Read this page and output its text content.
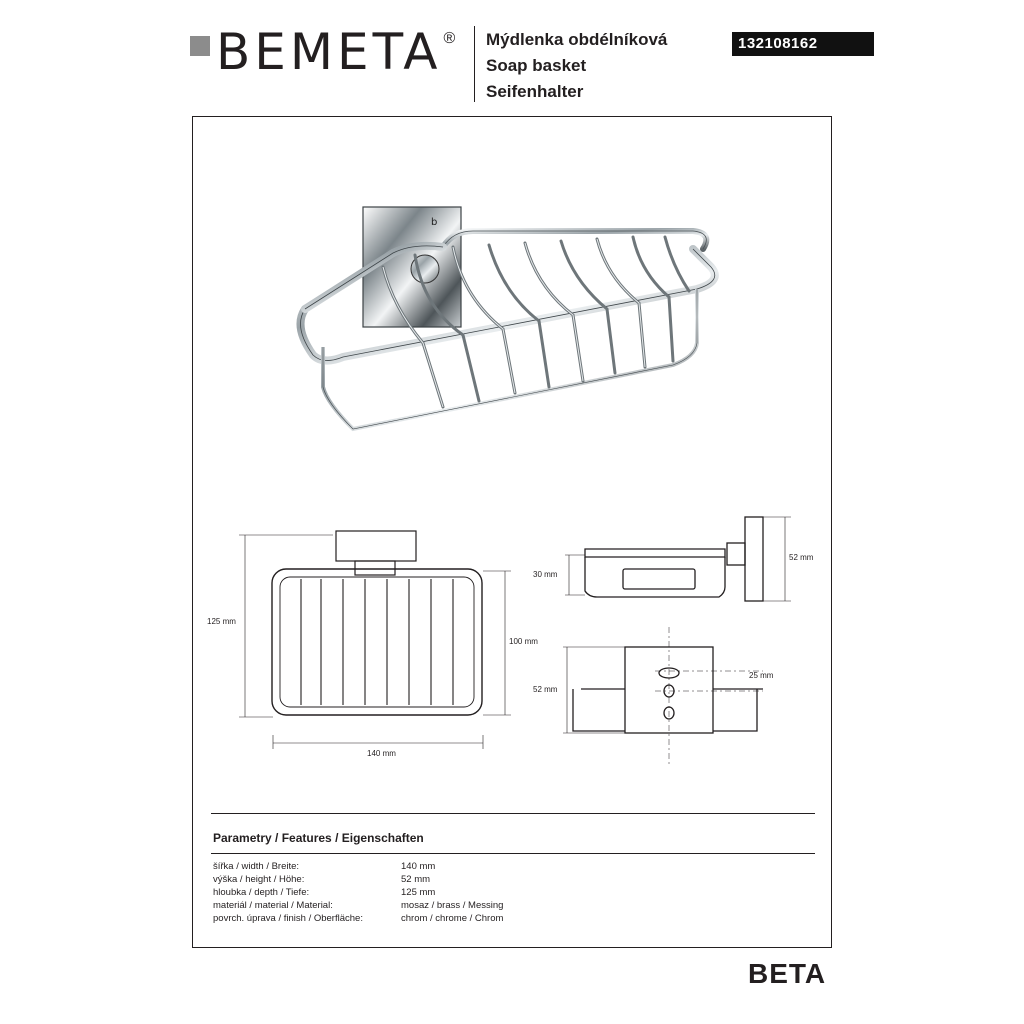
BEMETA ® Mýdlenka obdélníková
Soap basket
Seifenhalter
132108162
b
125 mm
100 mm
140 mm
30 mm
52 mm
52 mm
25 mm
Parametry / Features / Eigenschaften
šířka / width / Breite:	140 mm
výška / height / Höhe:	52 mm
hloubka / depth / Tiefe:	125 mm
materiál / material / Material:	mosaz / brass / Messing
povrch. úprava / finish / Oberfläche:	chrom / chrome / Chrom
BETA
